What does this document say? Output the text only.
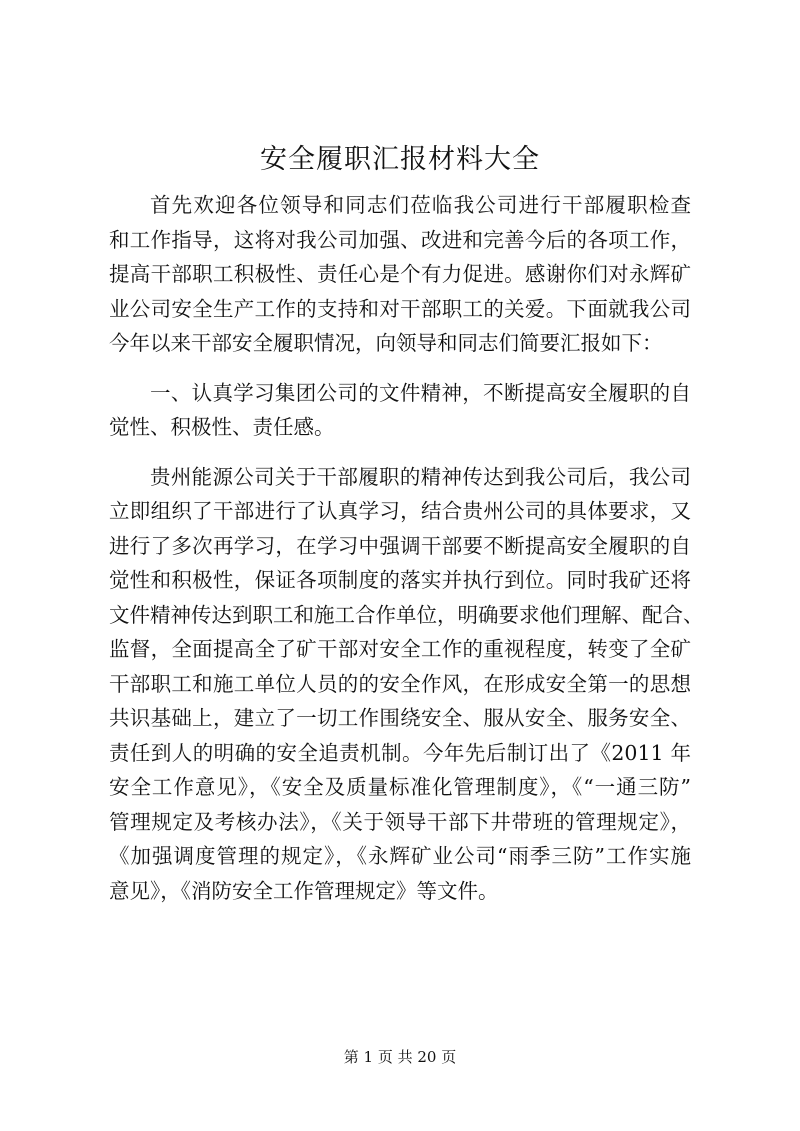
安全履职汇报材料大全
首先欢迎各位领导和同志们莅临我公司进行干部履职检查
和工作指导，这将对我公司加强、改进和完善今后的各项工作，
提高干部职工积极性、责任心是个有力促进。感谢你们对永辉矿
业公司安全生产工作的支持和对干部职工的关爱。下面就我公司
今年以来干部安全履职情况，向领导和同志们简要汇报如下：
一、认真学习集团公司的文件精神，不断提高安全履职的自
觉性、积极性、责任感。
贵州能源公司关于干部履职的精神传达到我公司后，我公司
立即组织了干部进行了认真学习，结合贵州公司的具体要求，又
进行了多次再学习，在学习中强调干部要不断提高安全履职的自
觉性和积极性，保证各项制度的落实并执行到位。同时我矿还将
文件精神传达到职工和施工合作单位，明确要求他们理解、配合、
监督，全面提高全了矿干部对安全工作的重视程度，转变了全矿
干部职工和施工单位人员的的安全作风，在形成安全第一的思想
共识基础上，建立了一切工作围绕安全、服从安全、服务安全、
责任到人的明确的安全追责机制。今年先后制订出了《2011 年
安全工作意见》，《安全及质量标准化管理制度》，《“一通三防”
管理规定及考核办法》，《关于领导干部下井带班的管理规定》，
《加强调度管理的规定》，《永辉矿业公司“雨季三防”工作实施
意见》，《消防安全工作管理规定》等文件。
第 1 页 共 20 页
